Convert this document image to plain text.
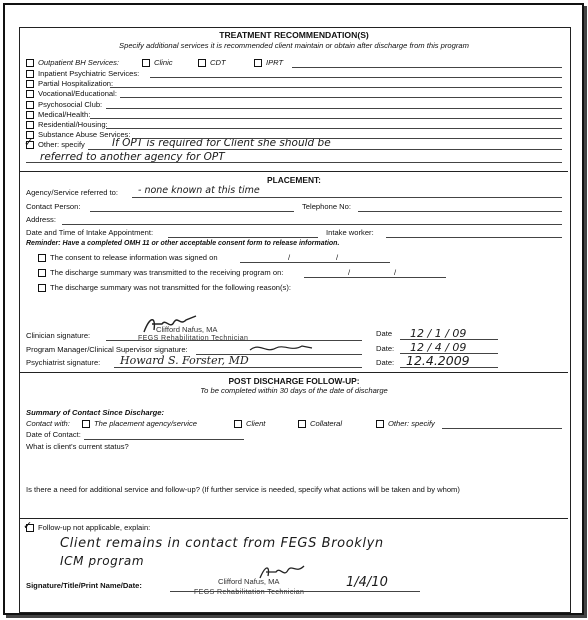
TREATMENT RECOMMENDATION(S)
Specify additional services it is recommended client maintain or obtain after discharge from this program
Outpatient BH Services:	Clinic	CDT	IPRT
Other: specify
✓	If OPT is required for Client she should be
referred to another agency for OPT
PLACEMENT:
Agency/Service referred to: - none known at this time
Contact Person:	Telephone No:
Address:
Date and Time of Intake Appointment:	Intake worker:
Reminder: Have a completed OMH 11 or other acceptable consent form to release information.
The consent to release information was signed on	/	/
The discharge summary was transmitted to the receiving program on:	/	/
The discharge summary was not transmitted for the following reason(s):
Clifford Nafus, MA
FEGS Rehabilitation Technician
Clinician signature:	Date 12 / 1 / 09
Program Manager/Clinical Supervisor signature:	Date: 12 / 4 / 09
Psychiatrist signature: Howard S. Forster, MD	Date: 12.4.2009
POST DISCHARGE FOLLOW-UP:
To be completed within 30 days of the date of discharge
Summary of Contact Since Discharge:
Contact with:	The placement agency/service	Client	Collateral	Other: specify
Date of Contact:
What is client's current status?
Is there a need for additional service and follow-up? (If further service is needed, specify what actions will be taken and by whom)
Follow-up not applicable, explain:
✓
Client remains in contact from FEGS Brooklyn
ICM program
Signature/Title/Print Name/Date:	Clifford Nafus, MA
FEGS Rehabilitation Technician
1/4/10
Inpatient Psychiatric Services:
Partial Hospitalization:
Vocational/Educational:
Psychosocial Club:
Medical/Health:
Residential/Housing:
Substance Abuse Services:
